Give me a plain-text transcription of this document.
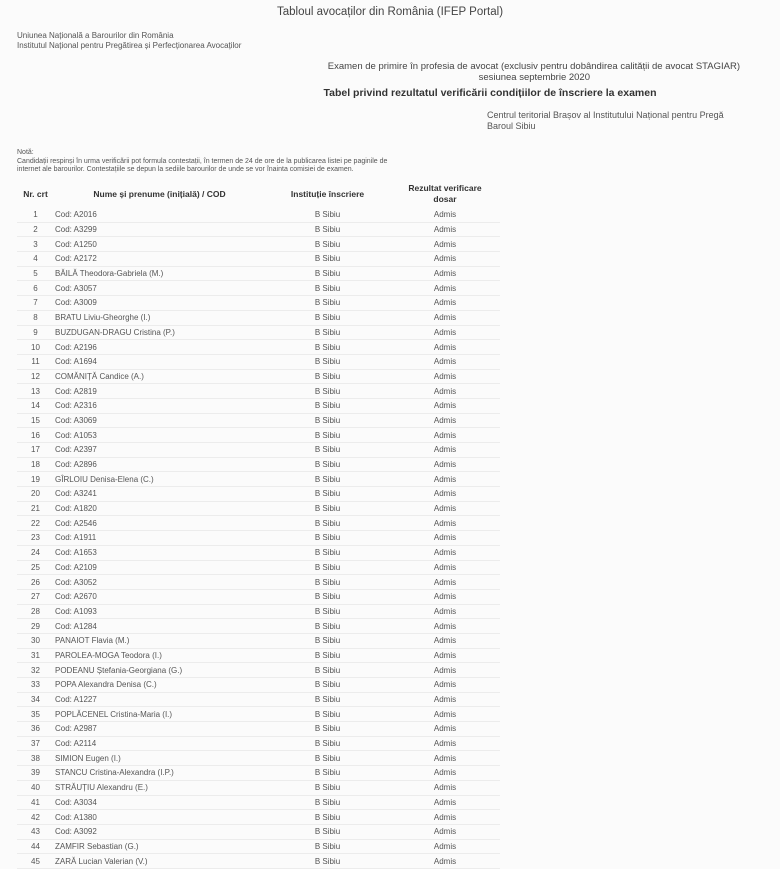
Tabloul avocaților din România (IFEP Portal)
Uniunea Națională a Barourilor din România
Institutul Național pentru Pregătirea și Perfecționarea Avocaților
Examen de primire în profesia de avocat (exclusiv pentru dobândirea calității de avocat STAGIAR)
sesiunea septembrie 2020
Tabel privind rezultatul verificării condițiilor de înscriere la examen
Centrul teritorial Brașov al Institutului Național pentru Pregă
Baroul Sibiu
Notă:
Candidații respinși în urma verificării pot formula contestații, în termen de 24 de ore de la publicarea listei pe paginile de
internet ale barourilor. Contestațiile se depun la sediile barourilor de unde se vor înainta comisiei de examen.
Nr. crt	Nume și prenume (inițială) / COD	Instituție înscriere	Rezultat verificare
dosar

1	Cod: A2016	B Sibiu	Admis
2	Cod: A3299	B Sibiu	Admis
3	Cod: A1250	B Sibiu	Admis
4	Cod: A2172	B Sibiu	Admis
5	BĂILĂ Theodora-Gabriela (M.)	B Sibiu	Admis
6	Cod: A3057	B Sibiu	Admis
7	Cod: A3009	B Sibiu	Admis
8	BRATU Liviu-Gheorghe (I.)	B Sibiu	Admis
9	BUZDUGAN-DRAGU Cristina (P.)	B Sibiu	Admis
10	Cod: A2196	B Sibiu	Admis
11	Cod: A1694	B Sibiu	Admis
12	COMĂNIȚĂ Candice (A.)	B Sibiu	Admis
13	Cod: A2819	B Sibiu	Admis
14	Cod: A2316	B Sibiu	Admis
15	Cod: A3069	B Sibiu	Admis
16	Cod: A1053	B Sibiu	Admis
17	Cod: A2397	B Sibiu	Admis
18	Cod: A2896	B Sibiu	Admis
19	GÎRLOIU Denisa-Elena (C.)	B Sibiu	Admis
20	Cod: A3241	B Sibiu	Admis
21	Cod: A1820	B Sibiu	Admis
22	Cod: A2546	B Sibiu	Admis
23	Cod: A1911	B Sibiu	Admis
24	Cod: A1653	B Sibiu	Admis
25	Cod: A2109	B Sibiu	Admis
26	Cod: A3052	B Sibiu	Admis
27	Cod: A2670	B Sibiu	Admis
28	Cod: A1093	B Sibiu	Admis
29	Cod: A1284	B Sibiu	Admis
30	PANAIOT Flavia (M.)	B Sibiu	Admis
31	PAROLEA-MOGA Teodora (I.)	B Sibiu	Admis
32	PODEANU Ștefania-Georgiana (G.)	B Sibiu	Admis
33	POPA Alexandra Denisa (C.)	B Sibiu	Admis
34	Cod: A1227	B Sibiu	Admis
35	POPLĂCENEL Cristina-Maria (I.)	B Sibiu	Admis
36	Cod: A2987	B Sibiu	Admis
37	Cod: A2114	B Sibiu	Admis
38	SIMION Eugen (I.)	B Sibiu	Admis
39	STANCU Cristina-Alexandra (I.P.)	B Sibiu	Admis
40	STRĂUȚIU Alexandru (E.)	B Sibiu	Admis
41	Cod: A3034	B Sibiu	Admis
42	Cod: A1380	B Sibiu	Admis
43	Cod: A3092	B Sibiu	Admis
44	ZAMFIR Sebastian (G.)	B Sibiu	Admis
45	ZARĂ Lucian Valerian (V.)	B Sibiu	Admis
